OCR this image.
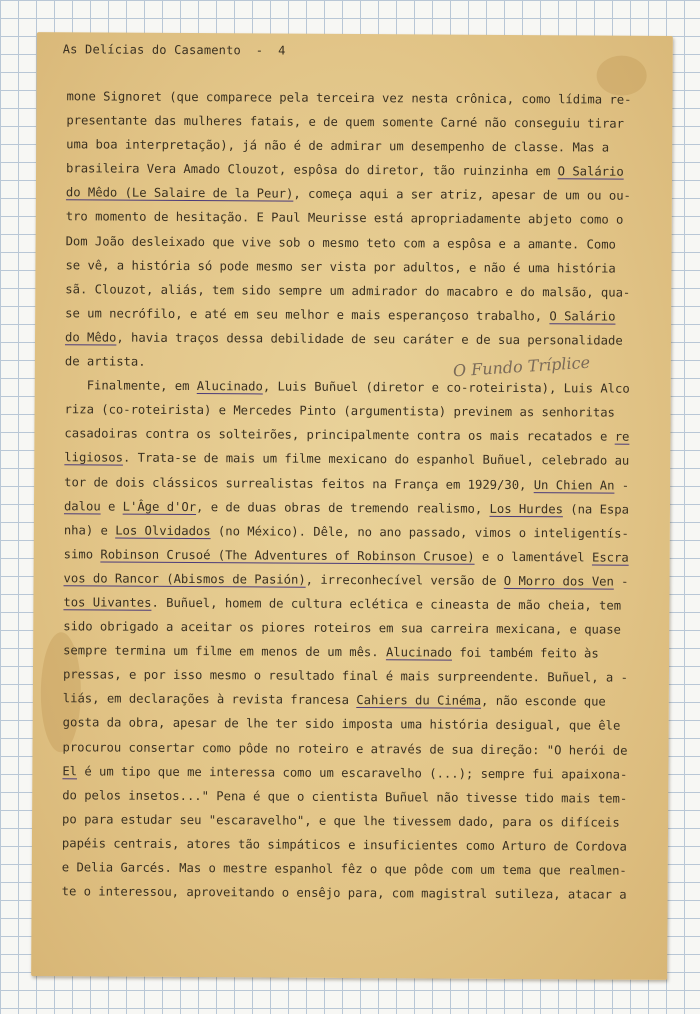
As Delícias do Casamento  -  4
O Fundo Tríplice
mone Signoret (que comparece pela terceira vez nesta crônica, como lídima re-
presentante das mulheres fatais, e de quem somente Carné não conseguiu tirar
uma boa interpretação), já não é de admirar um desempenho de classe. Mas a
brasileira Vera Amado Clouzot, espôsa do diretor, tão ruinzinha em O Salário
do Mêdo (Le Salaire de la Peur), começa aqui a ser atriz, apesar de um ou ou-
tro momento de hesitação. E Paul Meurisse está apropriadamente abjeto como o
Dom João desleixado que vive sob o mesmo teto com a espôsa e a amante. Como
se vê, a história só pode mesmo ser vista por adultos, e não é uma história
sã. Clouzot, aliás, tem sido sempre um admirador do macabro e do malsão, qua-
se um necrófilo, e até em seu melhor e mais esperançoso trabalho, O Salário
do Mêdo, havia traços dessa debilidade de seu caráter e de sua personalidade
de artista.
Finalmente, em Alucinado, Luis Buñuel (diretor e co-roteirista), Luis Alco
riza (co-roteirista) e Mercedes Pinto (argumentista) previnem as senhoritas
casadoiras contra os solteirões, principalmente contra os mais recatados e re
ligiosos. Trata-se de mais um filme mexicano do espanhol Buñuel, celebrado au
tor de dois clássicos surrealistas feitos na França em 1929/30, Un Chien An -
dalou e L'Âge d'Or, e de duas obras de tremendo realismo, Los Hurdes (na Espa
nha) e Los Olvidados (no México). Dêle, no ano passado, vimos o inteligentís-
simo Robinson Crusoé (The Adventures of Robinson Crusoe) e o lamentável Escra
vos do Rancor (Abismos de Pasión), irreconhecível versão de O Morro dos Ven -
tos Uivantes. Buñuel, homem de cultura eclética e cineasta de mão cheia, tem
sido obrigado a aceitar os piores roteiros em sua carreira mexicana, e quase
sempre termina um filme em menos de um mês. Alucinado foi também feito às
pressas, e por isso mesmo o resultado final é mais surpreendente. Buñuel, a -
liás, em declarações à revista francesa Cahiers du Cinéma, não esconde que
gosta da obra, apesar de lhe ter sido imposta uma história desigual, que êle
procurou consertar como pôde no roteiro e através de sua direção: "O herói de
El é um tipo que me interessa como um escaravelho (...); sempre fui apaixona-
do pelos insetos..." Pena é que o cientista Buñuel não tivesse tido mais tem-
po para estudar seu "escaravelho", e que lhe tivessem dado, para os difíceis
papéis centrais, atores tão simpáticos e insuficientes como Arturo de Cordova
e Delia Garcés. Mas o mestre espanhol fêz o que pôde com um tema que realmen-
te o interessou, aproveitando o ensêjo para, com magistral sutileza, atacar a
